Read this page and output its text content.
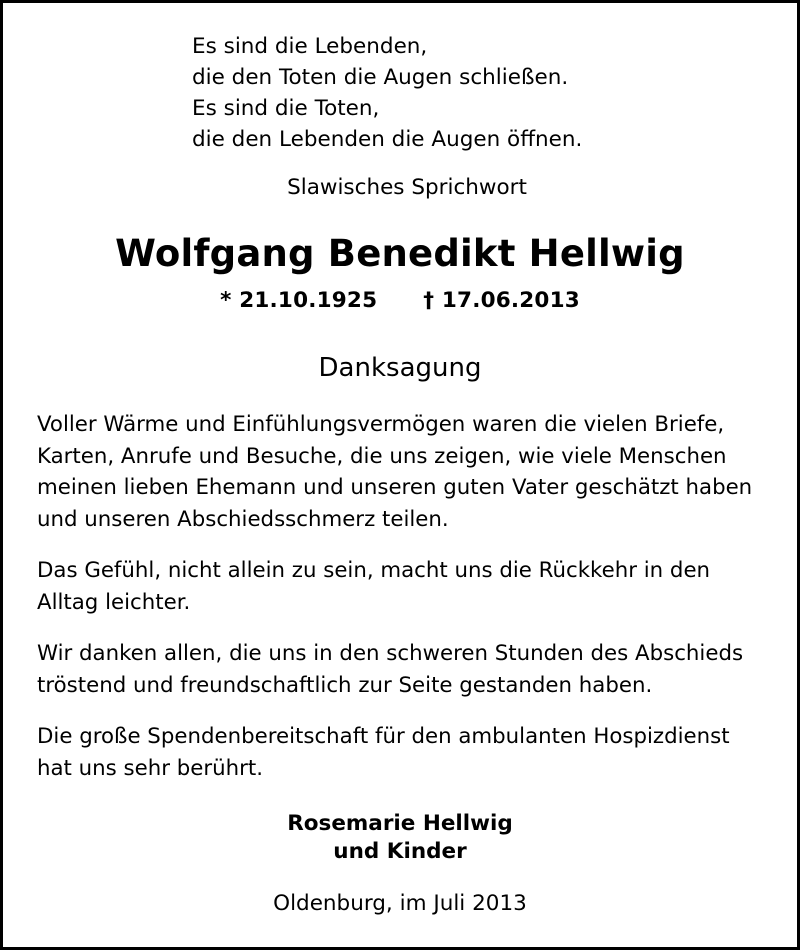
Es sind die Lebenden,
die den Toten die Augen schließen.
Es sind die Toten,
die den Lebenden die Augen öffnen.
Slawisches Sprichwort
Wolfgang Benedikt Hellwig
* 21.10.1925 † 17.06.2013
Danksagung

Voller Wärme und Einfühlungsvermögen waren die vielen Briefe, Karten, Anrufe und Besuche, die uns zeigen, wie viele Menschen meinen lieben Ehemann und unseren guten Vater geschätzt haben und unseren Abschiedsschmerz teilen.

Das Gefühl, nicht allein zu sein, macht uns die Rückkehr in den Alltag leichter.

Wir danken allen, die uns in den schweren Stunden des Abschieds tröstend und freundschaftlich zur Seite gestanden haben.

Die große Spendenbereitschaft für den ambulanten Hospizdienst hat uns sehr berührt.

Rosemarie Hellwig
und Kinder
Oldenburg, im Juli 2013
